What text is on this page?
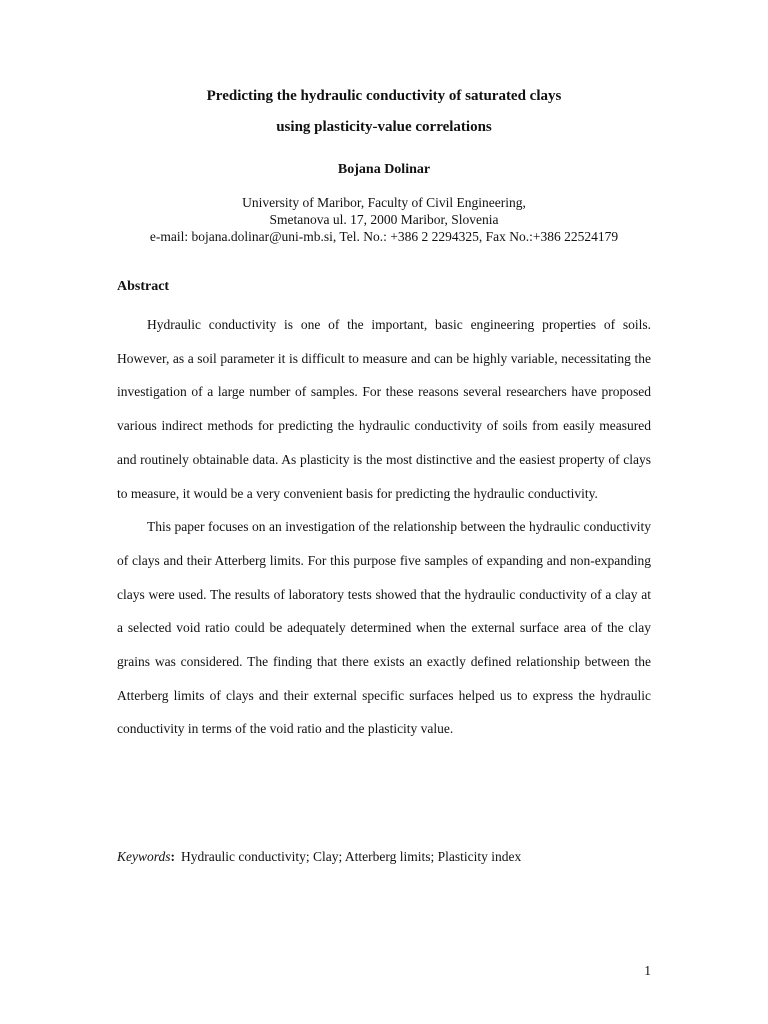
Predicting the hydraulic conductivity of saturated clays
using plasticity-value correlations
Bojana Dolinar
University of Maribor, Faculty of Civil Engineering,
Smetanova ul. 17, 2000 Maribor, Slovenia
e-mail: bojana.dolinar@uni-mb.si, Tel. No.: +386 2 2294325, Fax No.:+386 22524179
Abstract

Hydraulic conductivity is one of the important, basic engineering properties of soils. However, as a soil parameter it is difficult to measure and can be highly variable, necessitating the investigation of a large number of samples. For these reasons several researchers have proposed various indirect methods for predicting the hydraulic conductivity of soils from easily measured and routinely obtainable data. As plasticity is the most distinctive and the easiest property of clays to measure, it would be a very convenient basis for predicting the hydraulic conductivity.

This paper focuses on an investigation of the relationship between the hydraulic conductivity of clays and their Atterberg limits. For this purpose five samples of expanding and non-expanding clays were used. The results of laboratory tests showed that the hydraulic conductivity of a clay at a selected void ratio could be adequately determined when the external surface area of the clay grains was considered. The finding that there exists an exactly defined relationship between the Atterberg limits of clays and their external specific surfaces helped us to express the hydraulic conductivity in terms of the void ratio and the plasticity value.

Keywords: Hydraulic conductivity; Clay; Atterberg limits; Plasticity index
1
